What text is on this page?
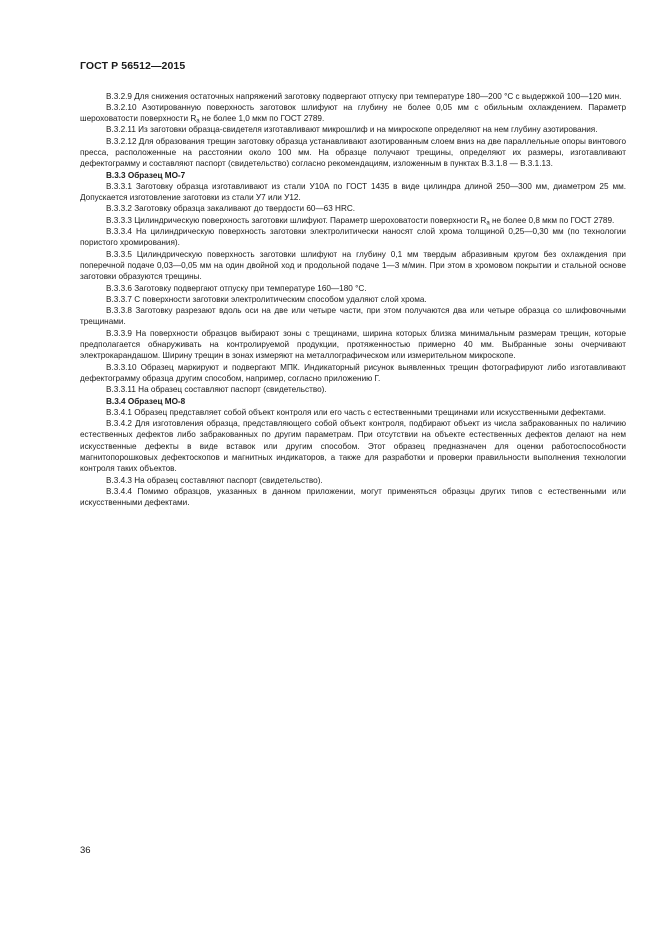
ГОСТ Р 56512—2015

В.3.2.9 Для снижения остаточных напряжений заготовку подвергают отпуску при температуре 180—200 °С с выдержкой 100—120 мин.

В.3.2.10 Азотированную поверхность заготовок шлифуют на глубину не более 0,05 мм с обильным охлаждением. Параметр шероховатости поверхности $R_a$ не более 1,0 мкм по ГОСТ 2789.

В.3.2.11 Из заготовки образца-свидетеля изготавливают микрошлиф и на микроскопе определяют на нем глубину азотирования.

В.3.2.12 Для образования трещин заготовку образца устанавливают азотированным слоем вниз на две параллельные опоры винтового пресса, расположенные на расстоянии около 100 мм. На образце получают трещины, определяют их размеры, изготавливают дефектограмму и составляют паспорт (свидетельство) согласно рекомендациям, изложенным в пунктах В.3.1.8 — В.3.1.13.

В.3.3 Образец МО-7

В.3.3.1 Заготовку образца изготавливают из стали У10А по ГОСТ 1435 в виде цилиндра длиной 250—300 мм, диаметром 25 мм. Допускается изготовление заготовки из стали У7 или У12.

В.3.3.2 Заготовку образца закаливают до твердости 60—63 HRC.

В.3.3.3 Цилиндрическую поверхность заготовки шлифуют. Параметр шероховатости поверхности $R_a$ не более 0,8 мкм по ГОСТ 2789.

В.3.3.4 На цилиндрическую поверхность заготовки электролитически наносят слой хрома толщиной 0,25—0,30 мм (по технологии пористого хромирования).

В.3.3.5 Цилиндрическую поверхность заготовки шлифуют на глубину 0,1 мм твердым абразивным кругом без охлаждения при поперечной подаче 0,03—0,05 мм на один двойной ход и продольной подаче 1—3 м/мин. При этом в хромовом покрытии и стальной основе заготовки образуются трещины.

В.3.3.6 Заготовку подвергают отпуску при температуре 160—180 °С.

В.3.3.7 С поверхности заготовки электролитическим способом удаляют слой хрома.

В.3.3.8 Заготовку разрезают вдоль оси на две или четыре части, при этом получаются два или четыре образца со шлифовочными трещинами.

В.3.3.9 На поверхности образцов выбирают зоны с трещинами, ширина которых близка минимальным размерам трещин, которые предполагается обнаруживать на контролируемой продукции, протяженностью примерно 40 мм. Выбранные зоны очерчивают электрокарандашом. Ширину трещин в зонах измеряют на металлографическом или измерительном микроскопе.

В.3.3.10 Образец маркируют и подвергают МПК. Индикаторный рисунок выявленных трещин фотографируют либо изготавливают дефектограмму образца другим способом, например, согласно приложению Г.

В.3.3.11 На образец составляют паспорт (свидетельство).

В.3.4 Образец МО-8

В.3.4.1 Образец представляет собой объект контроля или его часть с естественными трещинами или искусственными дефектами.

В.3.4.2 Для изготовления образца, представляющего собой объект контроля, подбирают объект из числа забракованных по наличию естественных дефектов либо забракованных по другим параметрам. При отсутствии на объекте естественных дефектов делают на нем искусственные дефекты в виде вставок или другим способом. Этот образец предназначен для оценки работоспособности магнитопорошковых дефектоскопов и магнитных индикаторов, а также для разработки и проверки правильности выполнения технологии контроля таких объектов.

В.3.4.3 На образец составляют паспорт (свидетельство).

В.3.4.4 Помимо образцов, указанных в данном приложении, могут применяться образцы других типов с естественными или искусственными дефектами.

36
